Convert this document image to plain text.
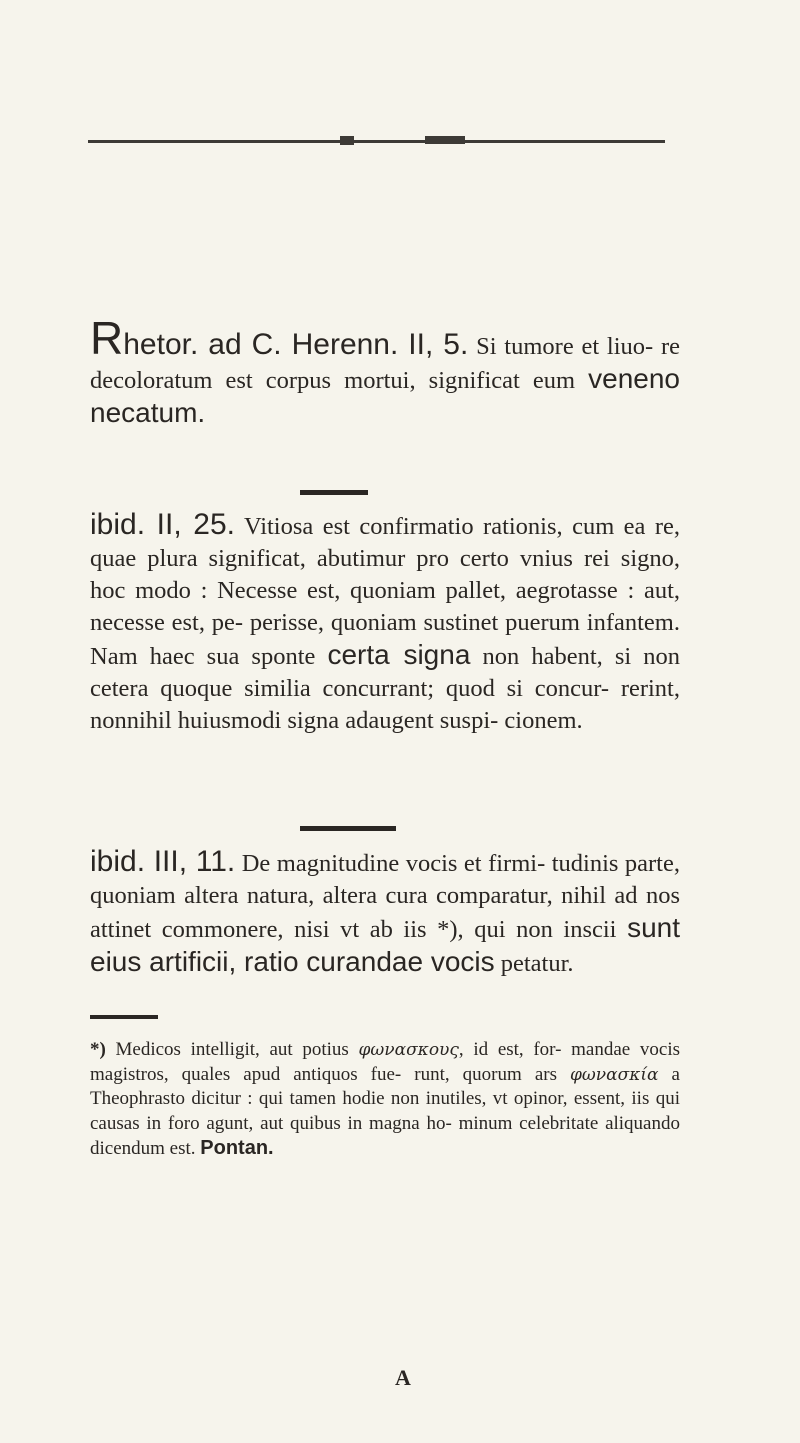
Rhetor. ad C. Herenn. II, 5. Si tumore et liuo- re decoloratum est corpus mortui, significat eum veneno necatum.
ibid. II, 25. Vitiosa est confirmatio rationis, cum ea re, quae plura significat, abutimur pro certo vnius rei signo, hoc modo : Necesse est, quoniam pallet, aegrotasse : aut, necesse est, pe- perisse, quoniam sustinet puerum infantem. Nam haec sua sponte certa signa non habent, si non cetera quoque similia concurrant; quod si concur- rerint, nonnihil huiusmodi signa adaugent suspi- cionem.
ibid. III, 11. De magnitudine vocis et firmi- tudinis parte, quoniam altera natura, altera cura comparatur, nihil ad nos attinet commonere, nisi vt ab iis *), qui non inscii sunt eius artificii, ratio curandae vocis petatur.
*) Medicos intelligit, aut potius φωνασκους, id est, for- mandae vocis magistros, quales apud antiquos fue- runt, quorum ars φωνασκία a Theophrasto dicitur : qui tamen hodie non inutiles, vt opinor, essent, iis qui causas in foro agunt, aut quibus in magna ho- minum celebritate aliquando dicendum est. Pontan.
A
